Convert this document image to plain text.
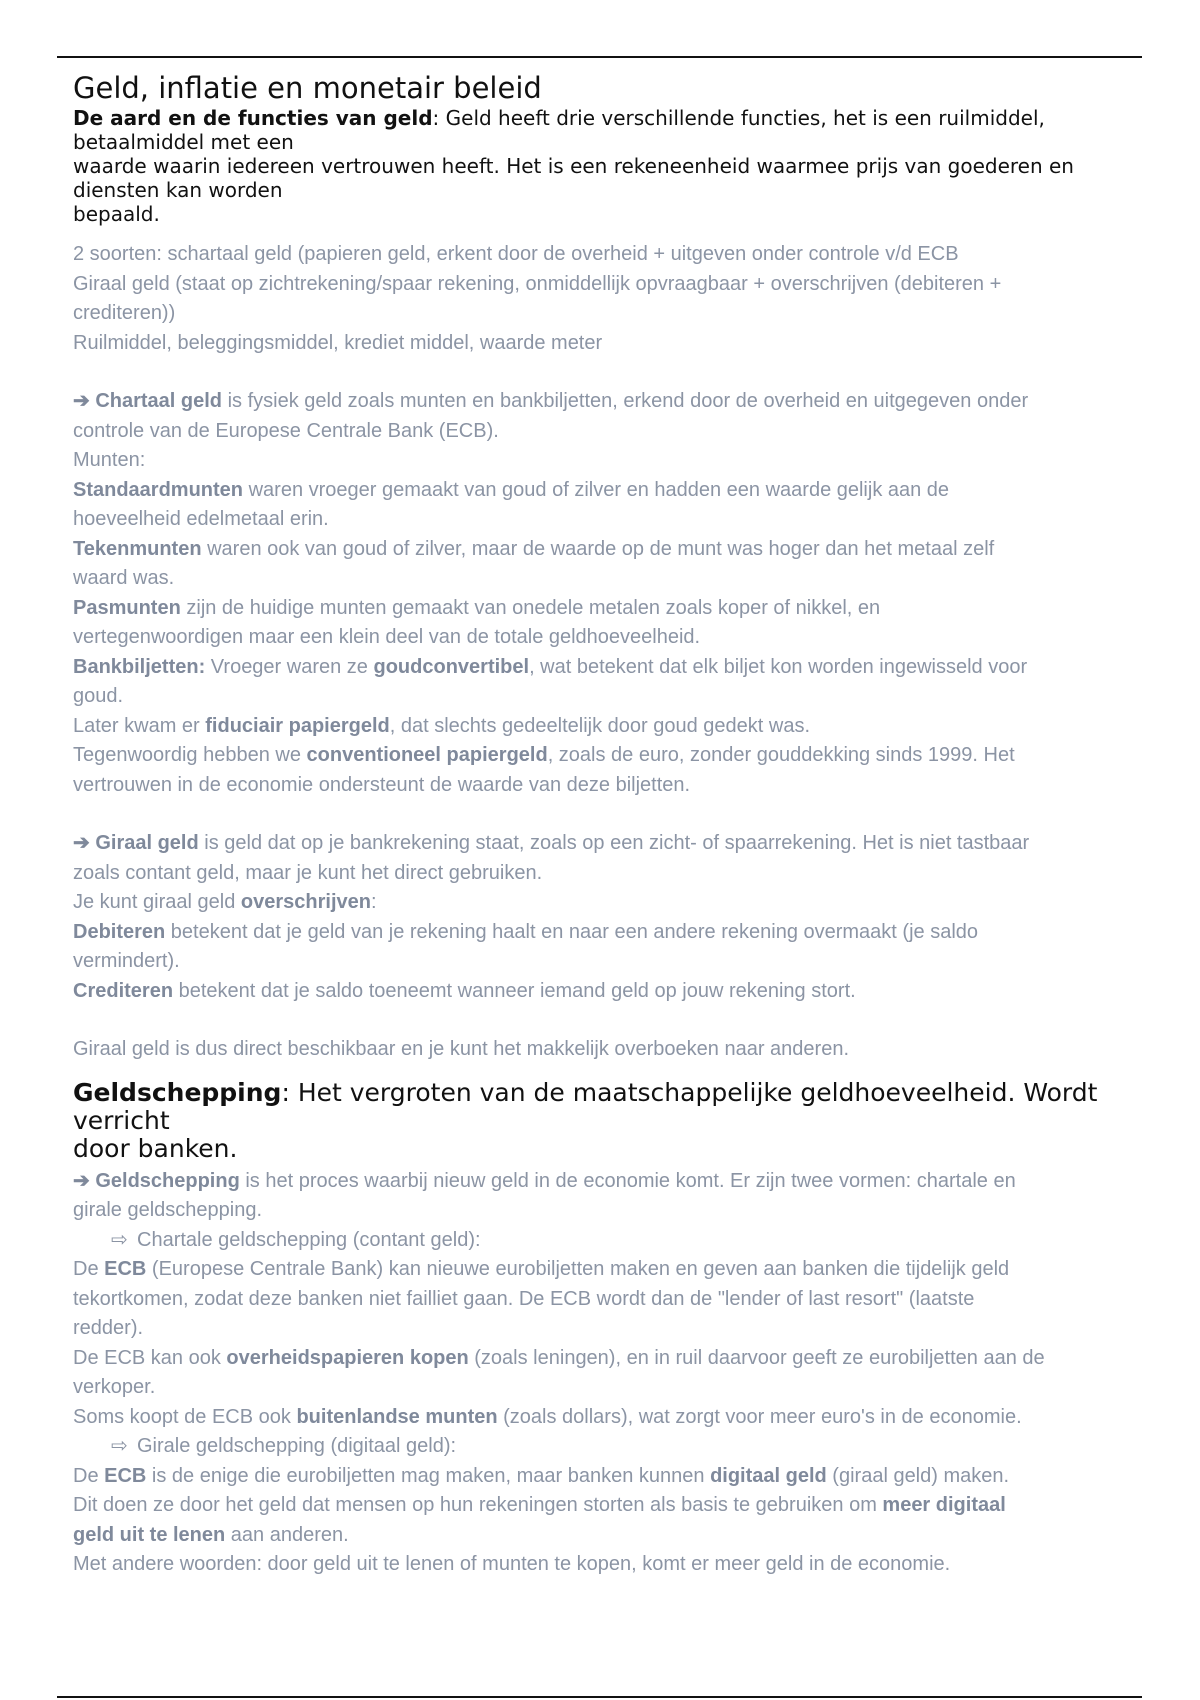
Geld, inflatie en monetair beleid
De aard en de functies van geld: Geld heeft drie verschillende functies, het is een ruilmiddel,
betaalmiddel met een
waarde waarin iedereen vertrouwen heeft. Het is een rekeneenheid waarmee prijs van goederen en
diensten kan worden
bepaald.

2 soorten: schartaal geld (papieren geld, erkent door de overheid + uitgeven onder controle v/d ECB

Giraal geld (staat op zichtrekening/spaar rekening, onmiddellijk opvraagbaar + overschrijven (debiteren +

crediteren))

Ruilmiddel, beleggingsmiddel, krediet middel, waarde meter

➔ Chartaal geld is fysiek geld zoals munten en bankbiljetten, erkend door de overheid en uitgegeven onder

controle van de Europese Centrale Bank (ECB).

Munten:

Standaardmunten waren vroeger gemaakt van goud of zilver en hadden een waarde gelijk aan de

hoeveelheid edelmetaal erin.

Tekenmunten waren ook van goud of zilver, maar de waarde op de munt was hoger dan het metaal zelf

waard was.

Pasmunten zijn de huidige munten gemaakt van onedele metalen zoals koper of nikkel, en

vertegenwoordigen maar een klein deel van de totale geldhoeveelheid.

Bankbiljetten: Vroeger waren ze goudconvertibel, wat betekent dat elk biljet kon worden ingewisseld voor

goud.

Later kwam er fiduciair papiergeld, dat slechts gedeeltelijk door goud gedekt was.

Tegenwoordig hebben we conventioneel papiergeld, zoals de euro, zonder gouddekking sinds 1999. Het

vertrouwen in de economie ondersteunt de waarde van deze biljetten.

➔ Giraal geld is geld dat op je bankrekening staat, zoals op een zicht- of spaarrekening. Het is niet tastbaar

zoals contant geld, maar je kunt het direct gebruiken.

Je kunt giraal geld overschrijven:

Debiteren betekent dat je geld van je rekening haalt en naar een andere rekening overmaakt (je saldo

vermindert).

Crediteren betekent dat je saldo toeneemt wanneer iemand geld op jouw rekening stort.

Giraal geld is dus direct beschikbaar en je kunt het makkelijk overboeken naar anderen.

Geldschepping: Het vergroten van de maatschappelijke geldhoeveelheid. Wordt verricht
door banken.

➔ Geldschepping is het proces waarbij nieuw geld in de economie komt. Er zijn twee vormen: chartale en

girale geldschepping.

⇨ Chartale geldschepping (contant geld):

De ECB (Europese Centrale Bank) kan nieuwe eurobiljetten maken en geven aan banken die tijdelijk geld

tekortkomen, zodat deze banken niet failliet gaan. De ECB wordt dan de "lender of last resort" (laatste

redder).

De ECB kan ook overheidspapieren kopen (zoals leningen), en in ruil daarvoor geeft ze eurobiljetten aan de

verkoper.

Soms koopt de ECB ook buitenlandse munten (zoals dollars), wat zorgt voor meer euro's in de economie.

⇨ Girale geldschepping (digitaal geld):

De ECB is de enige die eurobiljetten mag maken, maar banken kunnen digitaal geld (giraal geld) maken.

Dit doen ze door het geld dat mensen op hun rekeningen storten als basis te gebruiken om meer digitaal

geld uit te lenen aan anderen.

Met andere woorden: door geld uit te lenen of munten te kopen, komt er meer geld in de economie.
